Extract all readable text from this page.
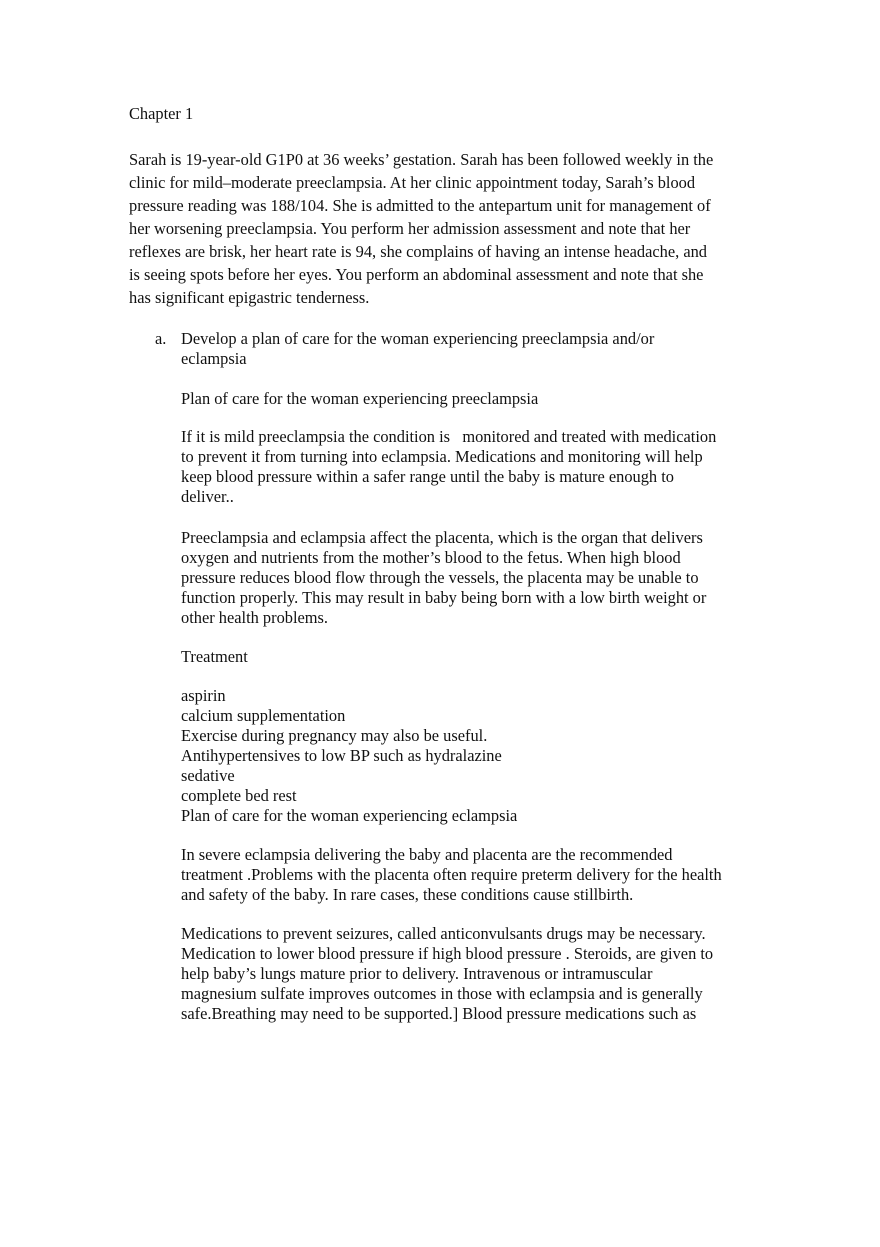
Chapter 1
Sarah is 19-year-old G1P0 at 36 weeks’ gestation. Sarah has been followed weekly in the
clinic for mild–moderate preeclampsia. At her clinic appointment today, Sarah’s blood
pressure reading was 188/104. She is admitted to the antepartum unit for management of
her worsening preeclampsia. You perform her admission assessment and note that her
reflexes are brisk, her heart rate is 94, she complains of having an intense headache, and
is seeing spots before her eyes. You perform an abdominal assessment and note that she
has significant epigastric tenderness.
a. Develop a plan of care for the woman experiencing preeclampsia and/or
eclampsia
Plan of care for the woman experiencing preeclampsia
If it is mild preeclampsia the condition is   monitored and treated with medication
to prevent it from turning into eclampsia. Medications and monitoring will help
keep blood pressure within a safer range until the baby is mature enough to
deliver..
Preeclampsia and eclampsia affect the placenta, which is the organ that delivers
oxygen and nutrients from the mother’s blood to the fetus. When high blood
pressure reduces blood flow through the vessels, the placenta may be unable to
function properly. This may result in baby being born with a low birth weight or
other health problems.
Treatment
aspirin
calcium supplementation
Exercise during pregnancy may also be useful.
Antihypertensives to low BP such as hydralazine
sedative
complete bed rest
Plan of care for the woman experiencing eclampsia
In severe eclampsia delivering the baby and placenta are the recommended
treatment .Problems with the placenta often require preterm delivery for the health
and safety of the baby. In rare cases, these conditions cause stillbirth.
Medications to prevent seizures, called anticonvulsants drugs may be necessary.
Medication to lower blood pressure if high blood pressure . Steroids, are given to
help baby’s lungs mature prior to delivery. Intravenous or intramuscular
magnesium sulfate improves outcomes in those with eclampsia and is generally
safe.Breathing may need to be supported.] Blood pressure medications such as
